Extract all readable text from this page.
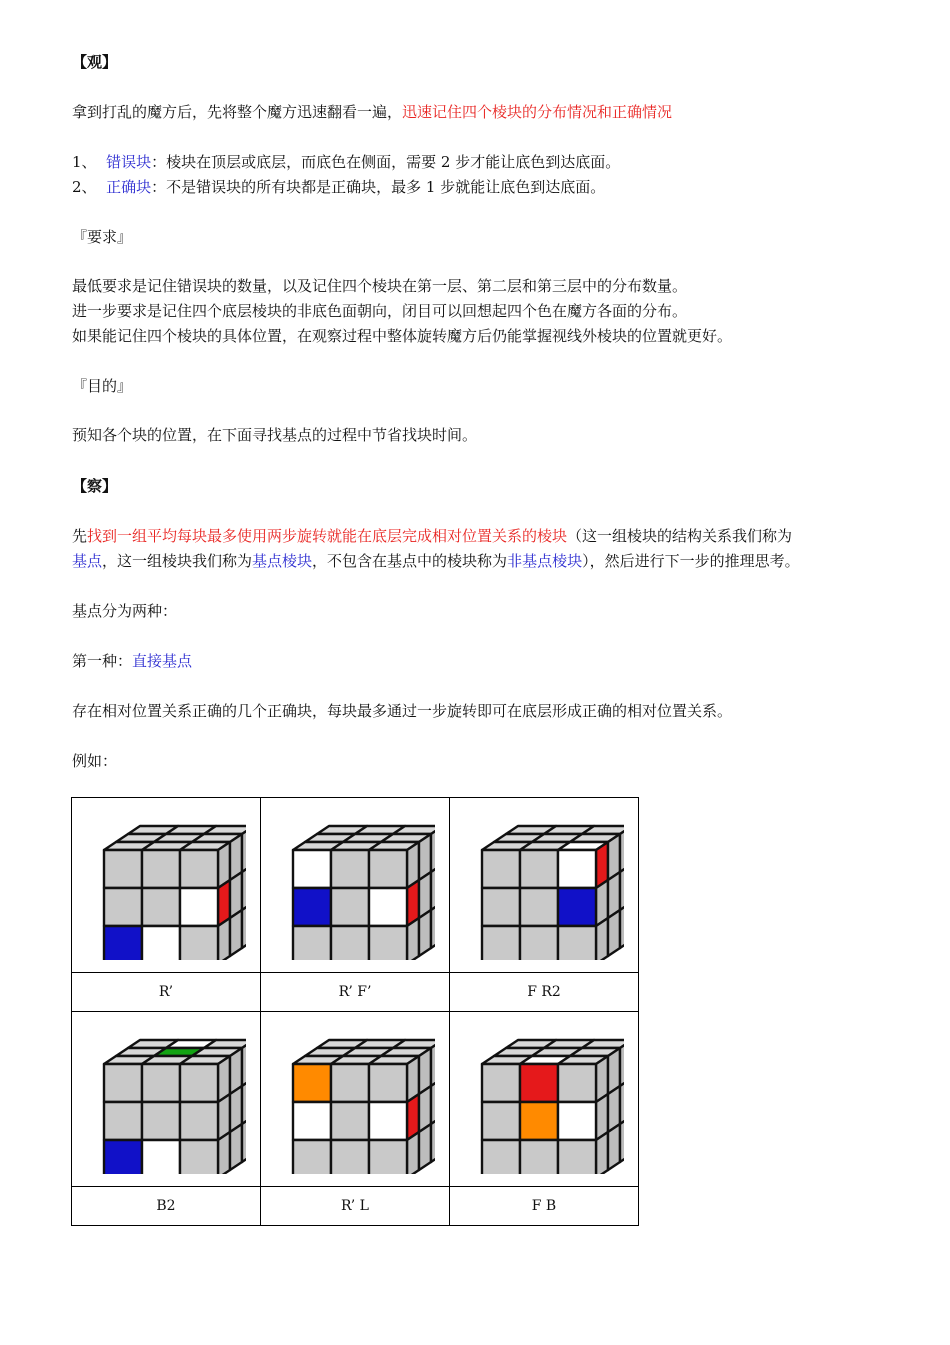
【观】
拿到打乱的魔方后，先将整个魔方迅速翻看一遍，迅速记住四个棱块的分布情况和正确情况
1、 错误块：棱块在顶层或底层，而底色在侧面，需要 2 步才能让底色到达底面。
2、 正确块：不是错误块的所有块都是正确块，最多 1 步就能让底色到达底面。
『要求』
最低要求是记住错误块的数量，以及记住四个棱块在第一层、第二层和第三层中的分布数量。
进一步要求是记住四个底层棱块的非底色面朝向，闭目可以回想起四个色在魔方各面的分布。
如果能记住四个棱块的具体位置，在观察过程中整体旋转魔方后仍能掌握视线外棱块的位置就更好。
『目的』
预知各个块的位置，在下面寻找基点的过程中节省找块时间。
【察】
先找到一组平均每块最多使用两步旋转就能在底层完成相对位置关系的棱块（这一组棱块的结构关系我们称为
基点，这一组棱块我们称为基点棱块，不包含在基点中的棱块称为非基点棱块），然后进行下一步的推理思考。
基点分为两种：
第一种：直接基点
存在相对位置关系正确的几个正确块，每块最多通过一步旋转即可在底层形成正确的相对位置关系。
例如：

R’	R’ F’	F R2

B2	R’ L	F B
